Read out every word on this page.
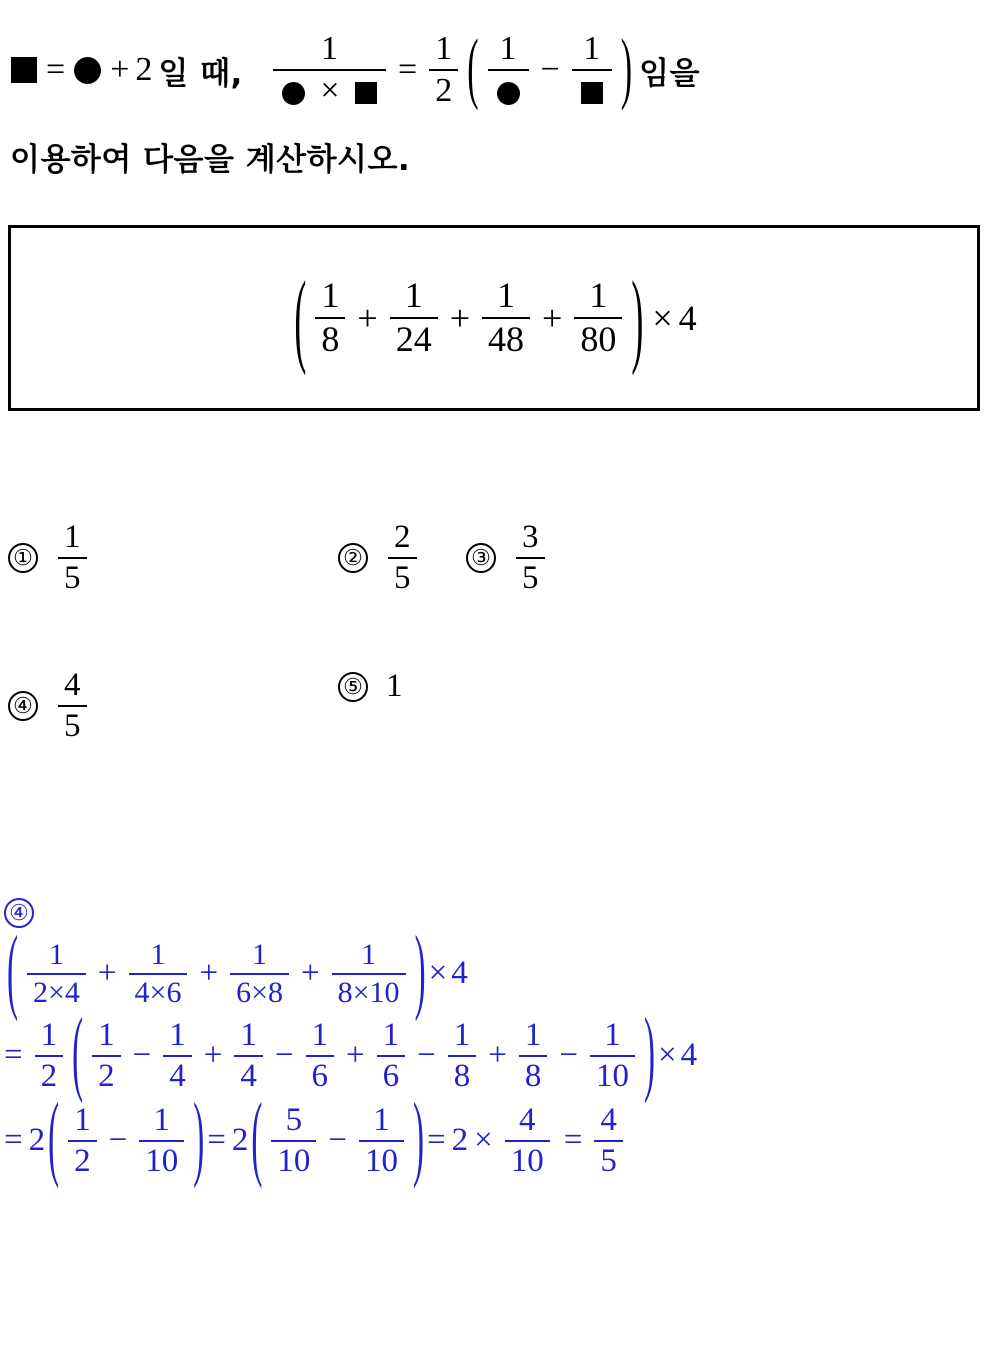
= + 2 일 때, $\frac{1}{\times} = \frac{1}{2}$ ( 1
−
1 ) 임을
이용하여 다음을 계산하시오.
( $\frac{1}{8} + \frac{1}{24} + \frac{1}{48} + \frac{1}{80}$ ) × 4
① $\frac{1}{5}$	② $\frac{2}{5}$ ③ $\frac{3}{5}$
④ $\frac{4}{5}$	⑤ 1
④
( $\frac{1}{2\times 4} + \frac{1}{4\times 6} + \frac{1}{6\times 8} + \frac{1}{8\times 10}$ ) × 4
= $\frac{1}{2}$ ( $\frac{1}{2} - \frac{1}{4} + \frac{1}{4} - \frac{1}{6} + \frac{1}{6} - \frac{1}{8} + \frac{1}{8} - \frac{1}{10}$ ) × 4
= 2 ( $\frac{1}{2} - \frac{1}{10}$ ) = 2 ( $\frac{5}{10} - \frac{1}{10}$ ) = $2 \times \frac{4}{10} = \frac{4}{5}$
